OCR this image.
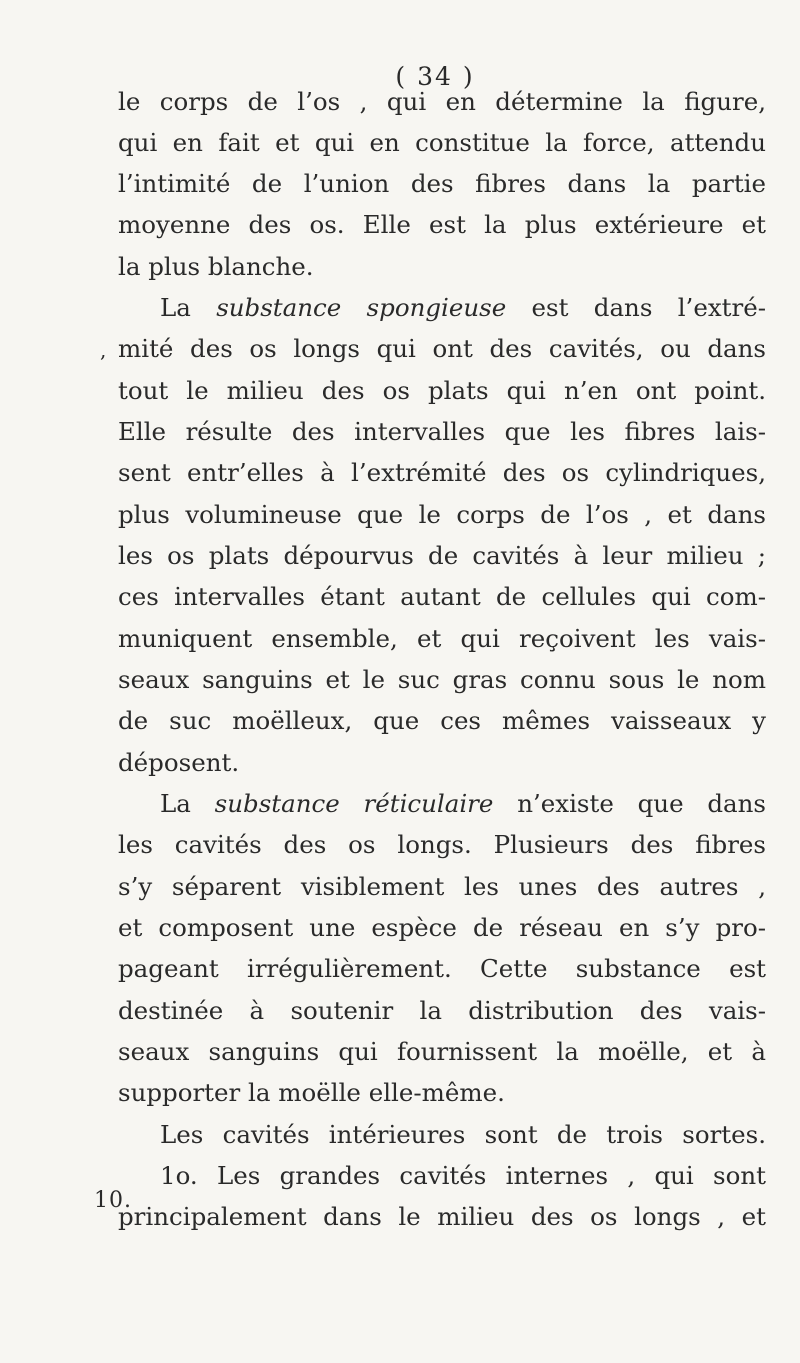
( 34 )
,
10.
le corps de l’os , qui en détermine la figure,
qui en fait et qui en constitue la force, attendu
l’intimité de l’union des fibres dans la partie
moyenne des os. Elle est la plus extérieure et
la plus blanche.
La substance spongieuse est dans l’extré-
mité des os longs qui ont des cavités, ou dans
tout le milieu des os plats qui n’en ont point.
Elle résulte des intervalles que les fibres lais-
sent entr’elles à l’extrémité des os cylindriques,
plus volumineuse que le corps de l’os , et dans
les os plats dépourvus de cavités à leur milieu ;
ces intervalles étant autant de cellules qui com-
muniquent ensemble, et qui reçoivent les vais-
seaux sanguins et le suc gras connu sous le nom
de suc moëlleux, que ces mêmes vaisseaux y
déposent.
La substance réticulaire n’existe que dans
les cavités des os longs. Plusieurs des fibres
s’y séparent visiblement les unes des autres ,
et composent une espèce de réseau en s’y pro-
pageant irrégulièrement. Cette substance est
destinée à soutenir la distribution des vais-
seaux sanguins qui fournissent la moëlle, et à
supporter la moëlle elle-même.
Les cavités intérieures sont de trois sortes.
1o. Les grandes cavités internes , qui sont
principalement dans le milieu des os longs , et
